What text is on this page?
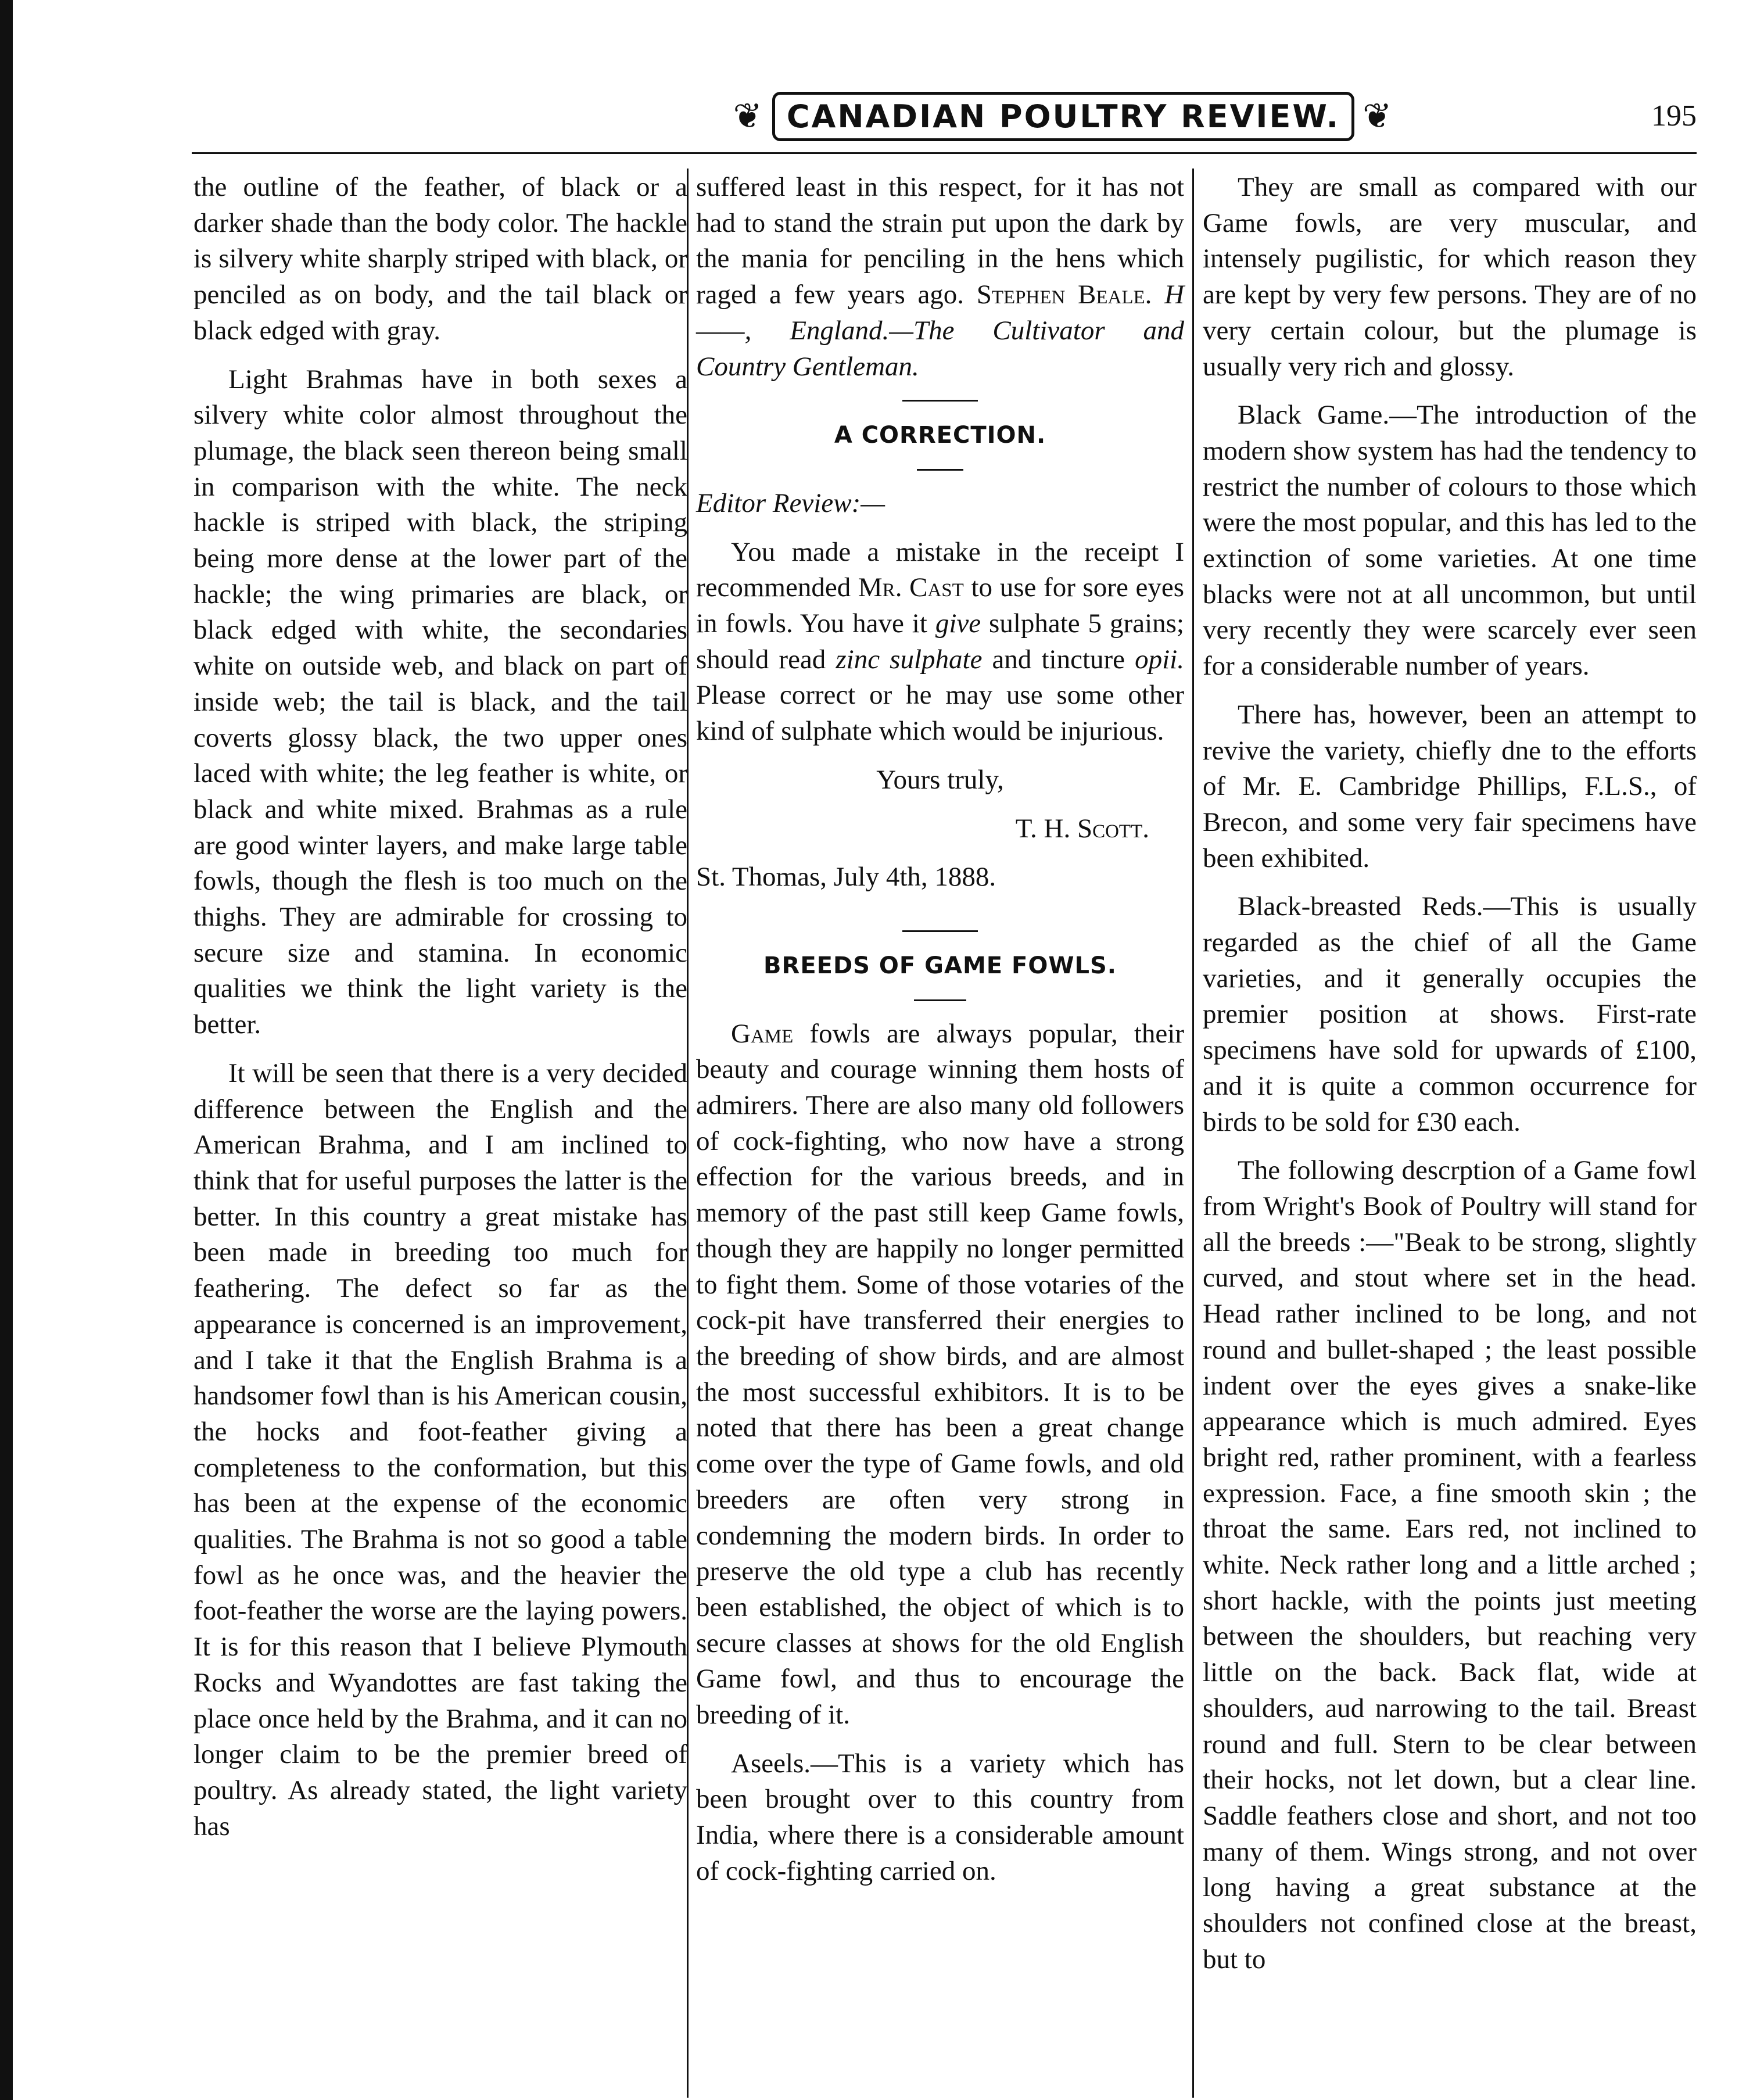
❦ CANADIAN POULTRY REVIEW. ❦	195

the outline of the feather, of black or a darker shade than the body color. The hackle is silvery white sharply striped with black, or penciled as on body, and the tail black or black edged with gray.

Light Brahmas have in both sexes a silvery white color almost throughout the plumage, the black seen thereon being small in comparison with the white. The neck hackle is striped with black, the striping being more dense at the lower part of the hackle; the wing primaries are black, or black edged with white, the secondaries white on outside web, and black on part of inside web; the tail is black, and the tail coverts glossy black, the two upper ones laced with white; the leg feather is white, or black and white mixed. Brahmas as a rule are good winter layers, and make large table fowls, though the flesh is too much on the thighs. They are admirable for crossing to secure size and stamina. In economic qualities we think the light variety is the better.

It will be seen that there is a very decided difference between the English and the American Brahma, and I am inclined to think that for useful purposes the latter is the better. In this country a great mistake has been made in breeding too much for feathering. The defect so far as the appearance is concerned is an improvement, and I take it that the English Brahma is a handsomer fowl than is his American cousin, the hocks and foot-feather giving a completeness to the conformation, but this has been at the expense of the economic qualities. The Brahma is not so good a table fowl as he once was, and the heavier the foot-feather the worse are the laying powers. It is for this reason that I believe Plymouth Rocks and Wyandottes are fast taking the place once held by the Brahma, and it can no longer claim to be the premier breed of poultry. As already stated, the light variety has

suffered least in this respect, for it has not had to stand the strain put upon the dark by the mania for penciling in the hens which raged a few years ago. Stephen Beale. H——, England.—The Cultivator and Country Gentleman.

A CORRECTION.

Editor Review:—

You made a mistake in the receipt I recommended Mr. Cast to use for sore eyes in fowls. You have it give sulphate 5 grains; should read zinc sulphate and tincture opii. Please correct or he may use some other kind of sulphate which would be injurious.

Yours truly,

T. H. Scott.

St. Thomas, July 4th, 1888.

BREEDS OF GAME FOWLS.

Game fowls are always popular, their beauty and courage winning them hosts of admirers. There are also many old followers of cock-fighting, who now have a strong effection for the various breeds, and in memory of the past still keep Game fowls, though they are happily no longer permitted to fight them. Some of those votaries of the cock-pit have transferred their energies to the breeding of show birds, and are almost the most successful exhibitors. It is to be noted that there has been a great change come over the type of Game fowls, and old breeders are often very strong in condemning the modern birds. In order to preserve the old type a club has recently been established, the object of which is to secure classes at shows for the old English Game fowl, and thus to encourage the breeding of it.

Aseels.—This is a variety which has been brought over to this country from India, where there is a considerable amount of cock-fighting carried on.

They are small as compared with our Game fowls, are very muscular, and intensely pugilistic, for which reason they are kept by very few persons. They are of no very certain colour, but the plumage is usually very rich and glossy.

Black Game.—The introduction of the modern show system has had the tendency to restrict the number of colours to those which were the most popular, and this has led to the extinction of some varieties. At one time blacks were not at all uncommon, but until very recently they were scarcely ever seen for a considerable number of years.

There has, however, been an attempt to revive the variety, chiefly dne to the efforts of Mr. E. Cambridge Phillips, F.L.S., of Brecon, and some very fair specimens have been exhibited.

Black-breasted Reds.—This is usually regarded as the chief of all the Game varieties, and it generally occupies the premier position at shows. First-rate specimens have sold for upwards of £100, and it is quite a common occurrence for birds to be sold for £30 each.

The following descrption of a Game fowl from Wright's Book of Poultry will stand for all the breeds :—"Beak to be strong, slightly curved, and stout where set in the head. Head rather inclined to be long, and not round and bullet-shaped ; the least possible indent over the eyes gives a snake-like appearance which is much admired. Eyes bright red, rather prominent, with a fearless expression. Face, a fine smooth skin ; the throat the same. Ears red, not inclined to white. Neck rather long and a little arched ; short hackle, with the points just meeting between the shoulders, but reaching very little on the back. Back flat, wide at shoulders, aud narrowing to the tail. Breast round and full. Stern to be clear between their hocks, not let down, but a clear line. Saddle feathers close and short, and not too many of them. Wings strong, and not over long having a great substance at the shoulders not confined close at the breast, but to
